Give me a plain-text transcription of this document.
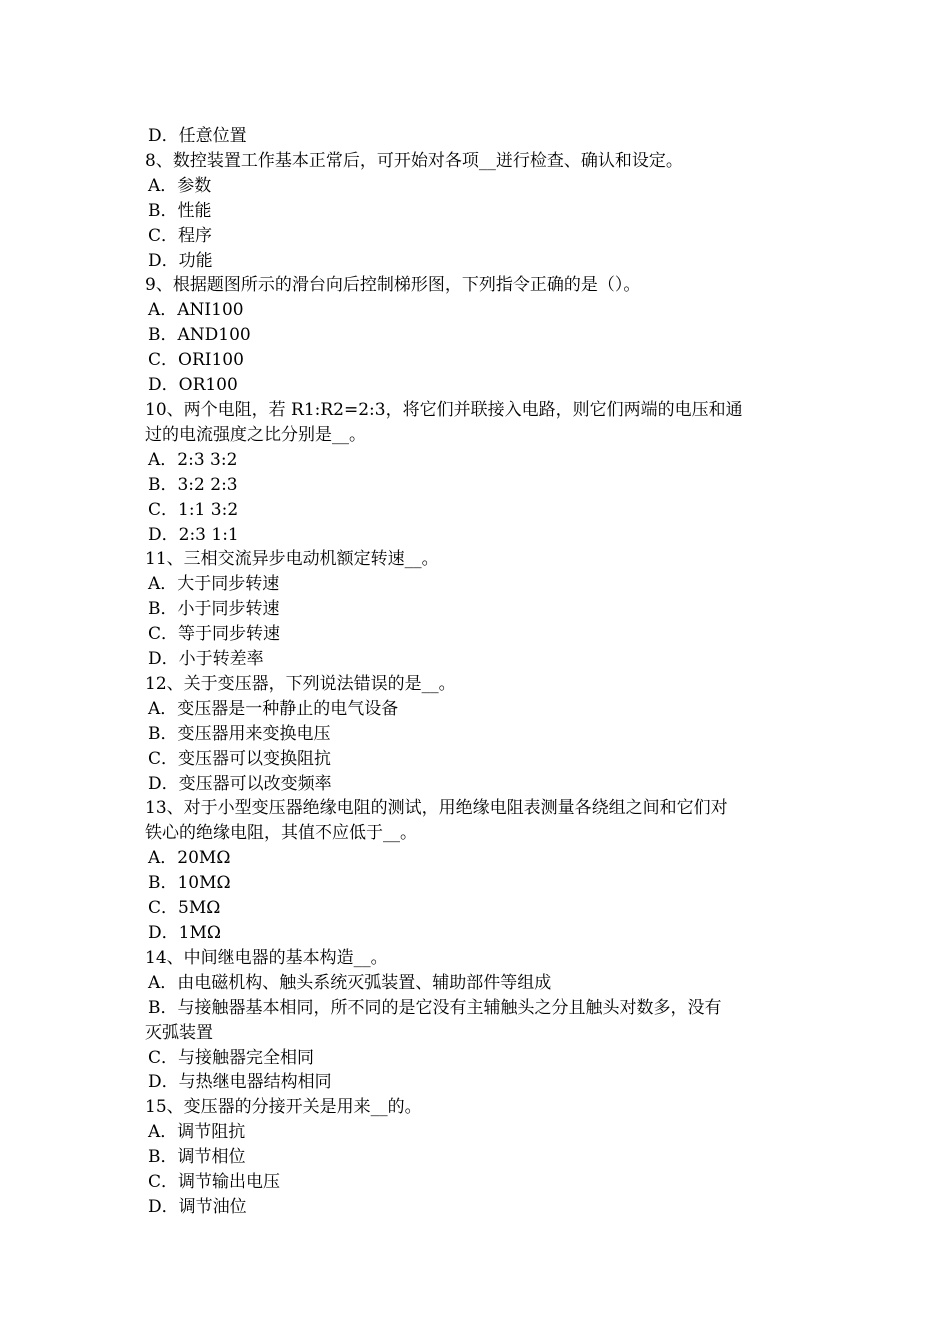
D．任意位置
8、数控装置工作基本正常后，可开始对各项__迸行检查、确认和设定。
A．参数
B．性能
C．程序
D．功能
9、根据题图所示的滑台向后控制梯形图，下列指令正确的是（）。
A．ANI100
B．AND100
C．ORI100
D．OR100
10、两个电阻，若 R1:R2=2:3，将它们并联接入电路，则它们两端的电压和通
过的电流强度之比分别是__。
A．2:3 3:2
B．3:2 2:3
C．1:1 3:2
D．2:3 1:1
11、三相交流异步电动机额定转速__。
A．大于同步转速
B．小于同步转速
C．等于同步转速
D．小于转差率
12、关于变压器，下列说法错误的是__。
A．变压器是一种静止的电气设备
B．变压器用来变换电压
C．变压器可以变换阻抗
D．变压器可以改变频率
13、对于小型变压器绝缘电阻的测试，用绝缘电阻表测量各绕组之间和它们对
铁心的绝缘电阻，其值不应低于__。
A．20MΩ
B．10MΩ
C．5MΩ
D．1MΩ
14、中间继电器的基本构造__。
A．由电磁机构、触头系统灭弧装置、辅助部件等组成
B．与接触器基本相同，所不同的是它没有主辅触头之分且触头对数多，没有
灭弧装置
C．与接触器完全相同
D．与热继电器结构相同
15、变压器的分接开关是用来__的。
A．调节阻抗
B．调节相位
C．调节输出电压
D．调节油位
